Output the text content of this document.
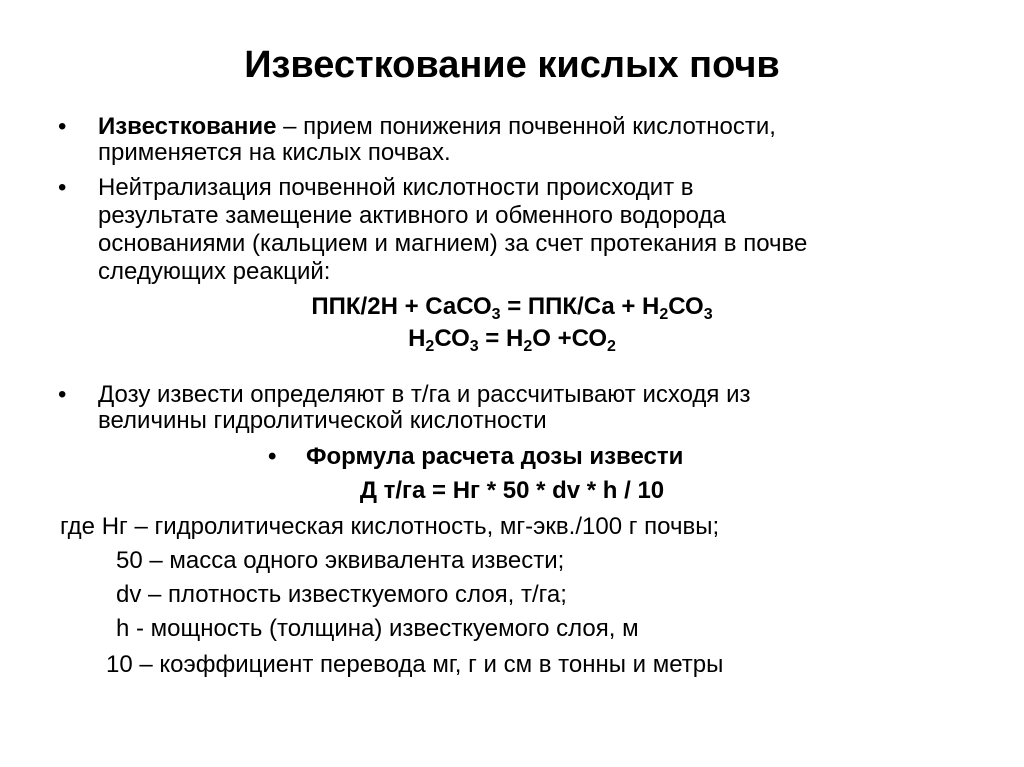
Известкование кислых почв
• Известкование – прием понижения почвенной кислотности,
применяется на кислых почвах.
• Нейтрализация почвенной кислотности происходит в
результате замещение активного и обменного водорода
основаниями (кальцием и магнием) за счет протекания в почве
следующих реакций:
ППК/2Н + СаСО$_3$ = $ППК/Са + Н_2СО_3$
$Н_2СО_3 = Н_2О +СО_2$
• Дозу извести определяют в т/га и рассчитывают исходя из
величины гидролитической кислотности
• Формула расчета дозы извести
Д т/га = Нг * 50 * dv * h / 10
где Нг – гидролитическая кислотность, мг-экв./100 г почвы;
50 – масса одного эквивалента извести;
dv – плотность известкуемого слоя, т/га;
h - мощность (толщина) известкуемого слоя, м
10 – коэффициент перевода мг, г и см в тонны и метры
